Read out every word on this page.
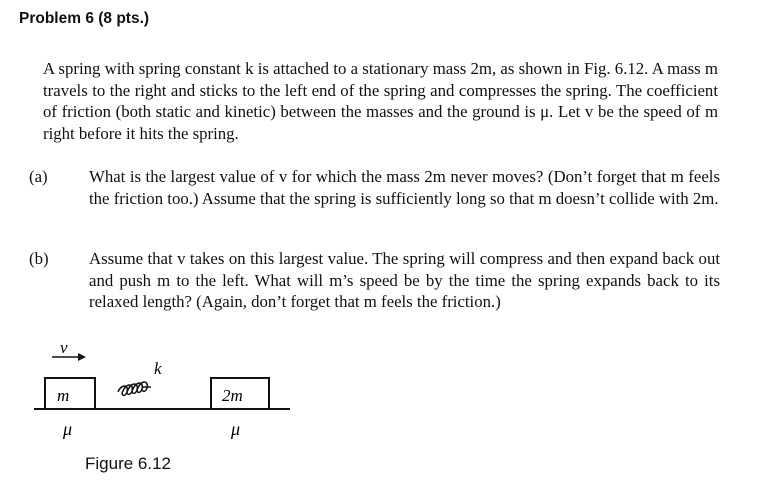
Problem 6 (8 pts.)

A spring with spring constant k is attached to a stationary mass 2m, as shown in Fig. 6.12. A mass m travels to the right and sticks to the left end of the spring and compresses the spring. The coefficient of friction (both static and kinetic) between the masses and the ground is μ. Let v be the speed of m right before it hits the spring.

(a) What is the largest value of v for which the mass 2m never moves? (Don’t forget that m feels the friction too.) Assume that the spring is sufficiently long so that m doesn’t collide with 2m.
(b) Assume that v takes on this largest value. The spring will compress and then expand back out and push m to the left. What will m’s speed be by the time the spring expands back to its relaxed length? (Again, don’t forget that m feels the friction.)
v
m
k
2m
μ	μ
Figure 6.12
